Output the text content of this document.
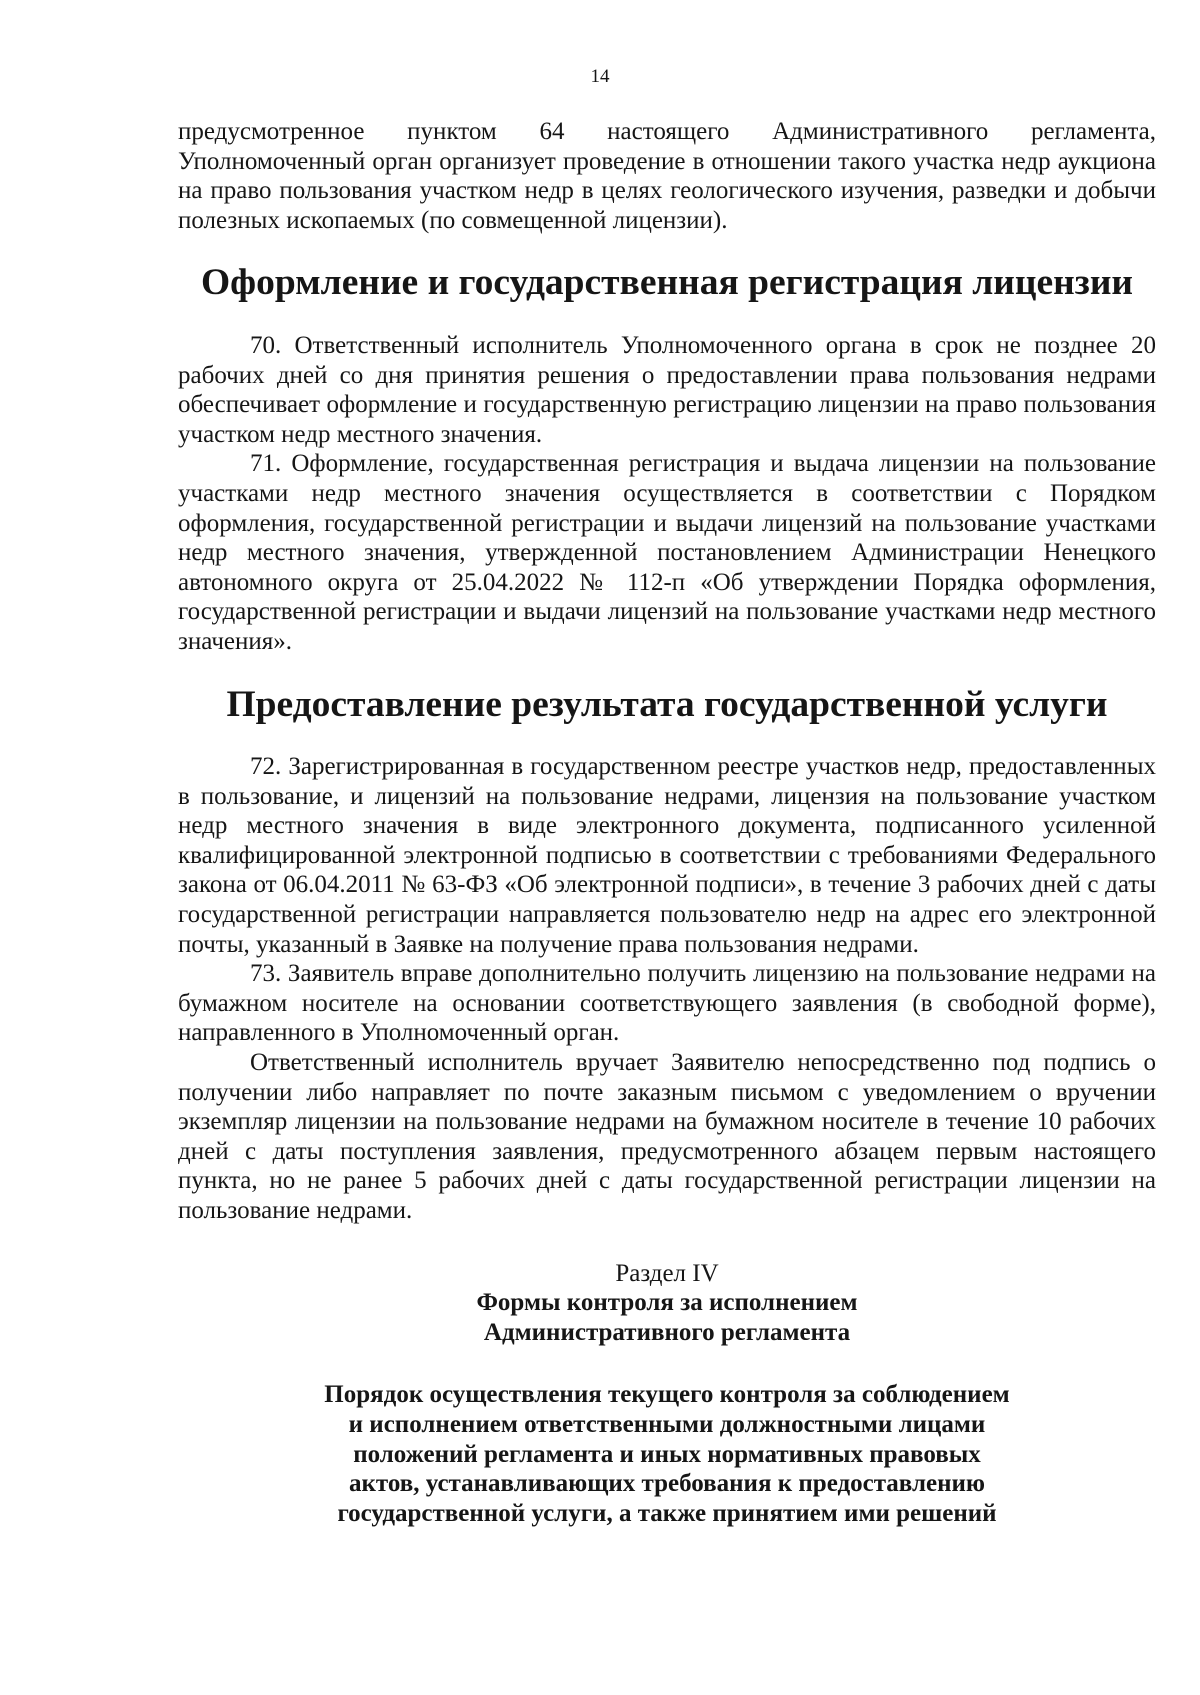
14

предусмотренное пунктом 64 настоящего Административного регламента, Уполномоченный орган организует проведение в отношении такого участка недр аукциона на право пользования участком недр в целях геологического изучения, разведки и добычи полезных ископаемых (по совмещенной лицензии).

Оформление и государственная регистрация лицензии

70. Ответственный исполнитель Уполномоченного органа в срок не позднее 20 рабочих дней со дня принятия решения о предоставлении права пользования недрами обеспечивает оформление и государственную регистрацию лицензии на право пользования участком недр местного значения.

71. Оформление, государственная регистрация и выдача лицензии на пользование участками недр местного значения осуществляется в соответствии с Порядком оформления, государственной регистрации и выдачи лицензий на пользование участками недр местного значения, утвержденной постановлением Администрации Ненецкого автономного округа от 25.04.2022 № 112-п «Об утверждении Порядка оформления, государственной регистрации и выдачи лицензий на пользование участками недр местного значения».

Предоставление результата государственной услуги

72. Зарегистрированная в государственном реестре участков недр, предоставленных в пользование, и лицензий на пользование недрами, лицензия на пользование участком недр местного значения в виде электронного документа, подписанного усиленной квалифицированной электронной подписью в соответствии с требованиями Федерального закона от 06.04.2011 № 63-ФЗ «Об электронной подписи», в течение 3 рабочих дней с даты государственной регистрации направляется пользователю недр на адрес его электронной почты, указанный в Заявке на получение права пользования недрами.

73. Заявитель вправе дополнительно получить лицензию на пользование недрами на бумажном носителе на основании соответствующего заявления (в свободной форме), направленного в Уполномоченный орган.

Ответственный исполнитель вручает Заявителю непосредственно под подпись о получении либо направляет по почте заказным письмом с уведомлением о вручении экземпляр лицензии на пользование недрами на бумажном носителе в течение 10 рабочих дней с даты поступления заявления, предусмотренного абзацем первым настоящего пункта, но не ранее 5 рабочих дней с даты государственной регистрации лицензии на пользование недрами.

Раздел IV

Формы контроля за исполнением

Административного регламента

Порядок осуществления текущего контроля за соблюдением

и исполнением ответственными должностными лицами

положений регламента и иных нормативных правовых

актов, устанавливающих требования к предоставлению

государственной услуги, а также принятием ими решений
